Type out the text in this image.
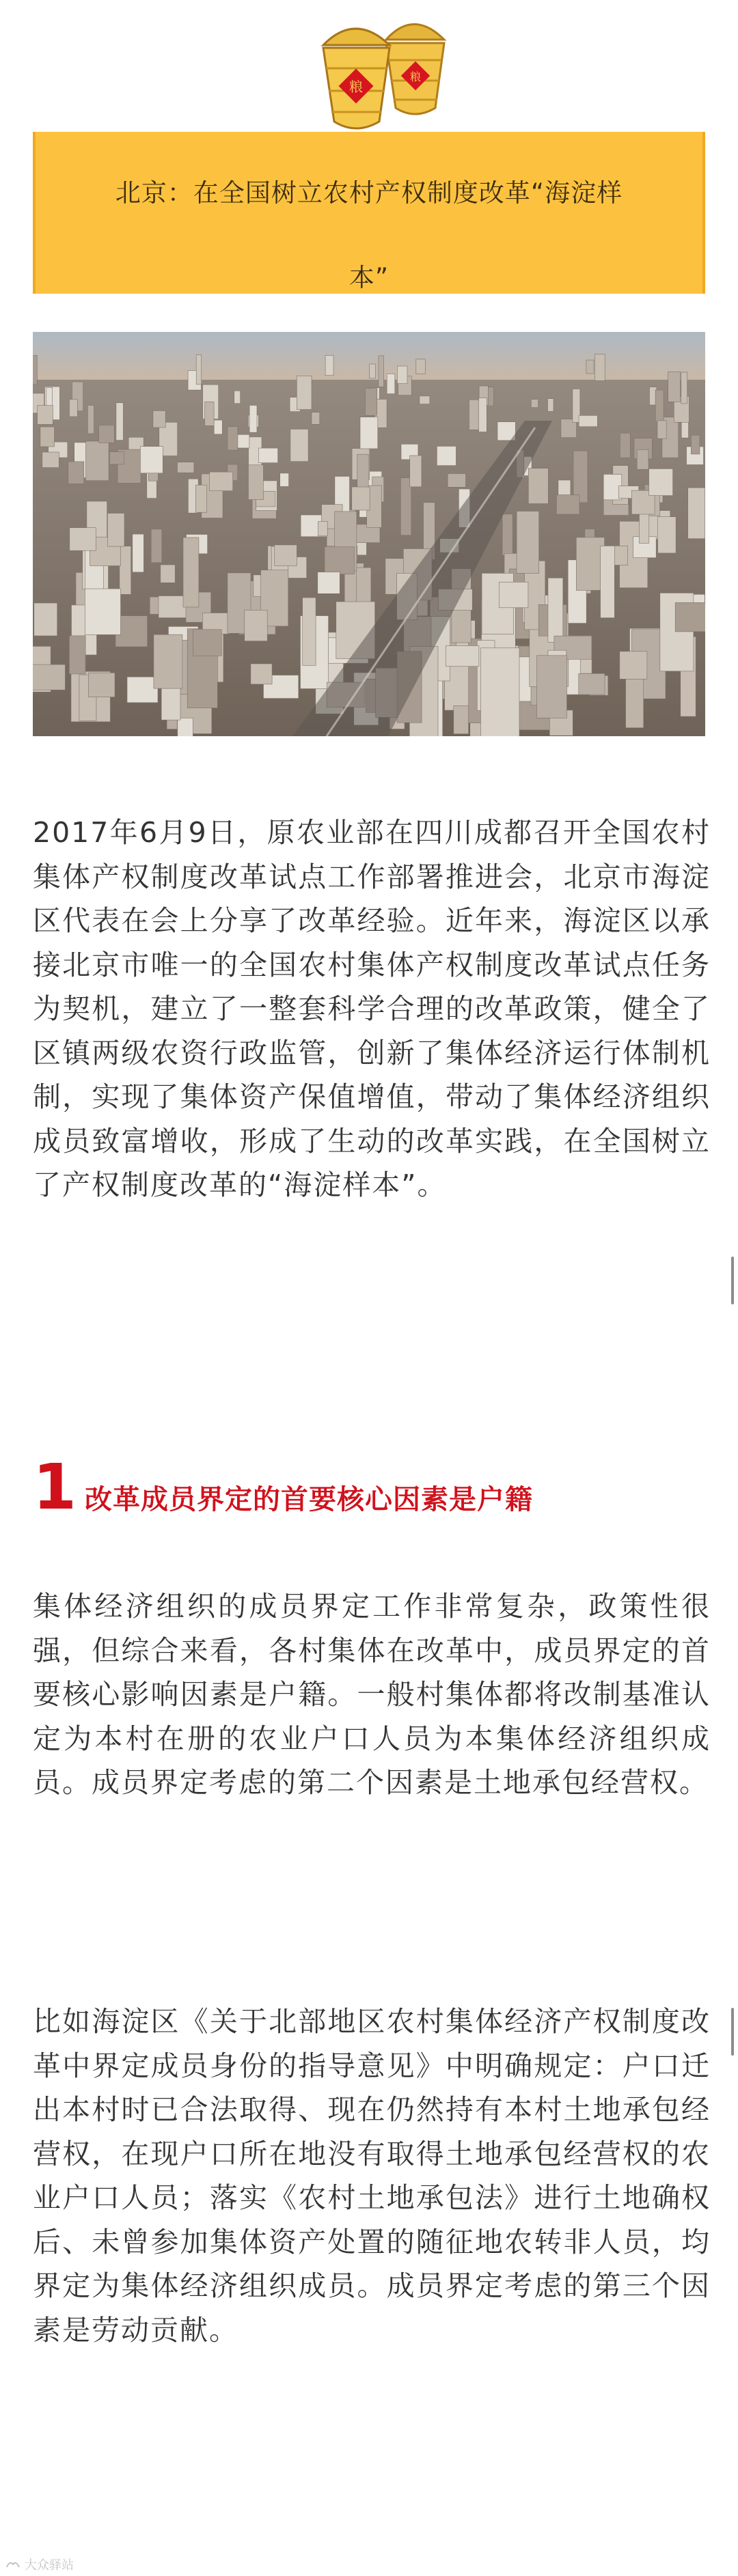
粮
粮
北京：在全国树立农村产权制度改革“海淀样本”

2017年6月9日，原农业部在四川成都召开全国农村集体产权制度改革试点工作部署推进会，北京市海淀区代表在会上分享了改革经验。近年来，海淀区以承接北京市唯一的全国农村集体产权制度改革试点任务为契机，建立了一整套科学合理的改革政策，健全了区镇两级农资行政监管，创新了集体经济运行体制机制，实现了集体资产保值增值，带动了集体经济组织成员致富增收，形成了生动的改革实践，在全国树立了产权制度改革的“海淀样本”。

1 改革成员界定的首要核心因素是户籍

集体经济组织的成员界定工作非常复杂，政策性很强，但综合来看，各村集体在改革中，成员界定的首要核心影响因素是户籍。一般村集体都将改制基准认定为本村在册的农业户口人员为本集体经济组织成员。成员界定考虑的第二个因素是土地承包经营权。

比如海淀区《关于北部地区农村集体经济产权制度改革中界定成员身份的指导意见》中明确规定：户口迁出本村时已合法取得、现在仍然持有本村土地承包经营权，在现户口所在地没有取得土地承包经营权的农业户口人员；落实《农村土地承包法》进行土地确权后、未曾参加集体资产处置的随征地农转非人员，均界定为集体经济组织成员。成员界定考虑的第三个因素是劳动贡献。

大众驿站
